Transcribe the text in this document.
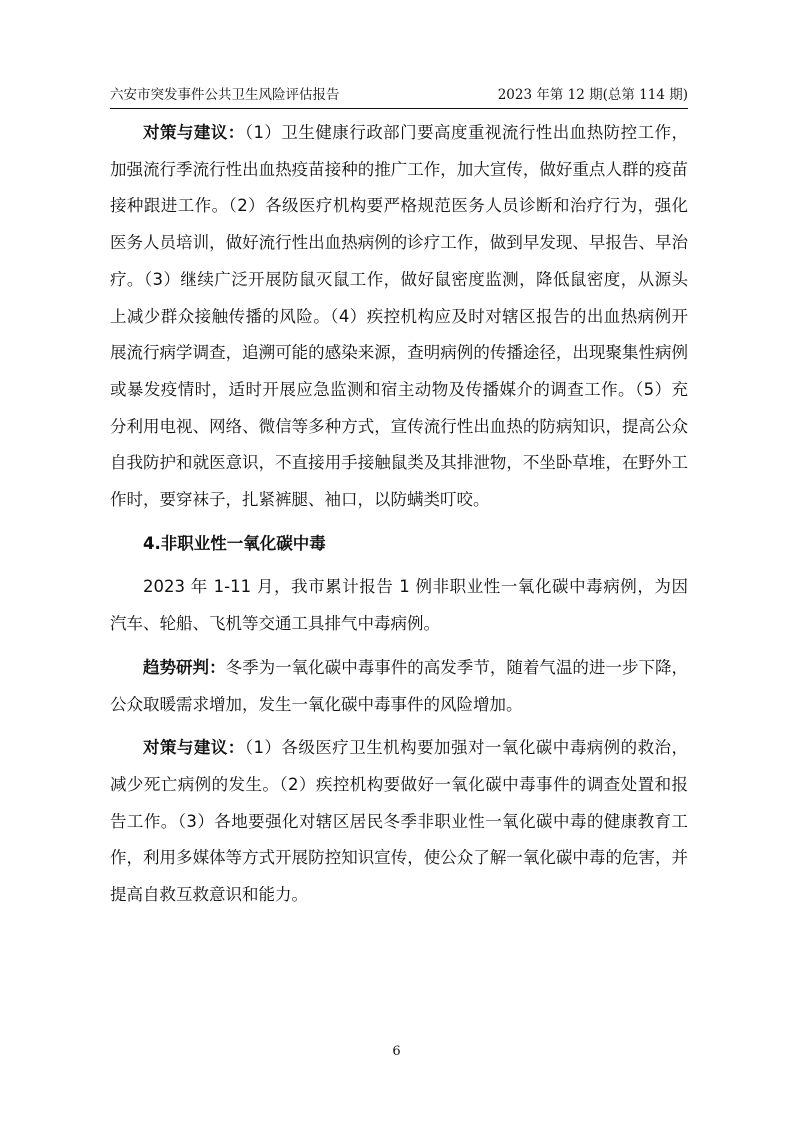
六安市突发事件公共卫生风险评估报告	2023 年第 12 期(总第 114 期)

对策与建议：（1）卫生健康行政部门要高度重视流行性出血热防控工作，加强流行季流行性出血热疫苗接种的推广工作，加大宣传，做好重点人群的疫苗接种跟进工作。（2）各级医疗机构要严格规范医务人员诊断和治疗行为，强化医务人员培训，做好流行性出血热病例的诊疗工作，做到早发现、早报告、早治疗。（3）继续广泛开展防鼠灭鼠工作，做好鼠密度监测，降低鼠密度，从源头上减少群众接触传播的风险。（4）疾控机构应及时对辖区报告的出血热病例开展流行病学调查，追溯可能的感染来源，查明病例的传播途径，出现聚集性病例或暴发疫情时，适时开展应急监测和宿主动物及传播媒介的调查工作。（5）充分利用电视、网络、微信等多种方式，宣传流行性出血热的防病知识，提高公众自我防护和就医意识，不直接用手接触鼠类及其排泄物，不坐卧草堆，在野外工作时，要穿袜子，扎紧裤腿、袖口，以防螨类叮咬。

4.非职业性一氧化碳中毒

2023 年 1-11 月，我市累计报告 1 例非职业性一氧化碳中毒病例，为因汽车、轮船、飞机等交通工具排气中毒病例。

趋势研判：冬季为一氧化碳中毒事件的高发季节，随着气温的进一步下降，公众取暖需求增加，发生一氧化碳中毒事件的风险增加。

对策与建议：（1）各级医疗卫生机构要加强对一氧化碳中毒病例的救治，减少死亡病例的发生。（2）疾控机构要做好一氧化碳中毒事件的调查处置和报告工作。（3）各地要强化对辖区居民冬季非职业性一氧化碳中毒的健康教育工作，利用多媒体等方式开展防控知识宣传，使公众了解一氧化碳中毒的危害，并提高自救互救意识和能力。

6
